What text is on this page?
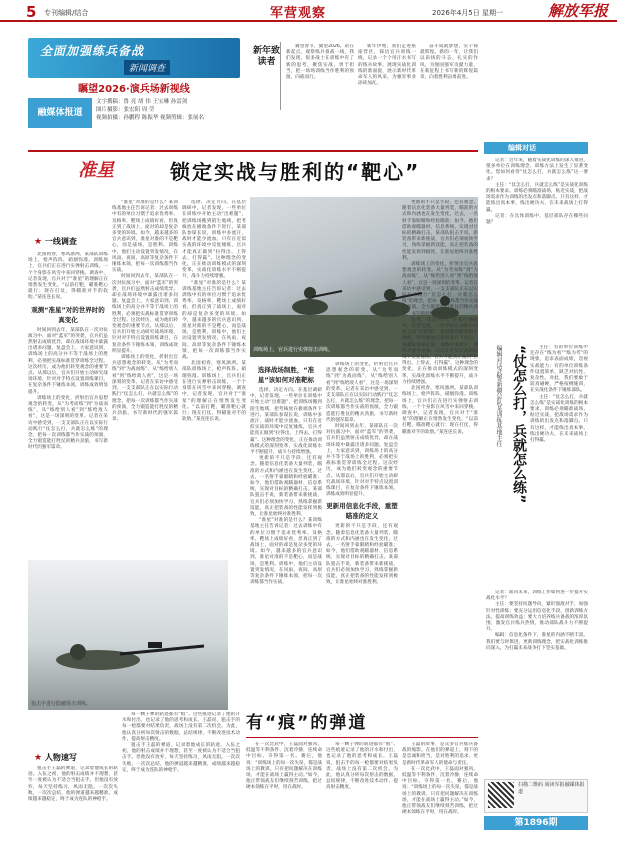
5 专刊编辑/结合	军营观察	2026年4月5日 星期一	解放军报
全面加强练兵备战
新闻调查
瞩望2026·演兵场新视线
融媒体报道
文字撰稿：鲁 亮 胡 伟 王宝琳 孙雷剑
图片摄影：张宏阳 周 莹
视频拍摄：孙鹏程 陈振华 视频剪辑：张展名
新年致读者
冀望春节，冀望2026。站在新起点，观察练兵备战一线，我们发现，很多战士在训练中有了新的思考，聚焦实战，勇于担当，把一场场训练当作胜利的预演，向战而行。
新年伊始，我们走进座座营区，探访官兵训练一线，记录一个个用汗水书写的练兵故事。展现实战化训练的新面貌，展示新时代革命军人的风采，为强军事业添砖加瓦。
奋斗成就梦想，实干铸就辉煌。新的一年，让我们以昂扬的斗志、扎实的作风，为强国强军贡献力量，在新征程上书写新的辉煌篇章，向着胜利奋勇前进。
准星	锁定实战与胜利的“靶心”
★ 一线调查
北国初春，寒风凛冽。某部队训练场上，枪声阵阵，硝烟弥漫。训练场上，官兵们正在进行实弹射击训练，一个个身影在风雪中来回穿梭。调查中，记者发现，官兵对于“准星”的理解正在悄然发生变化。“以前打靶，瞄准靶心就行；现在打仗，得瞄准对手的软肋。”某连连长说。
观测“准星”对的世界时的真变化
时间回到去年，某部队在一次对抗演习中，面对“蓝军”的突袭，官兵们虽然射击成绩优异，却在战场环境中暴露出诸多问题。复盘会上，大家意识到，训练场上的高分并不等于战场上的胜利，必须把实战标准贯穿训练全过程。这次经历，成为他们转变观念的重要节点。从那以后，官兵们开始主动研究战场环境，针对对手特点设置训练课目，在复杂条件下锤炼本领，训练成效明显提升。
训练场上的变化，折射出官兵思想观念的转变。从“为考而练”到“为战而练”，从“练给别人看”到“练给敌人看”，这是一场深刻的变革。记者在采访中感受到，一支支部队正在以实际行动践行“仗怎么打，兵就怎么练”的理念，把每一次训练都当作实战的预演，全力锻造能打胜仗的精兵劲旅，书写新时代的强军篇章。
“准星”对准的是什么？某训练基地主任告诉记者：过去训练中有的单位习惯于追求优秀率、及格率，靶场上成绩好看，但真正到了战场上，面对的却是复杂多变的环境。如今，越来越多的官兵意识到，准星对准的不是靶心，而是战场，是胜利。训练中，他们主动设置突发情况，在风雨、夜间、高原等复杂条件下锤炼本领，把每一次训练都当作实战。
时间回到去年，某部队在一次对抗演习中，面对“蓝军”的突袭，官兵们虽然射击成绩优异，却在战场环境中暴露出诸多问题。复盘会上，大家意识到，训练场上的高分并不等于战场上的胜利，必须把实战标准贯穿训练全过程。这次经历，成为他们转变观念的重要节点。从那以后，官兵们开始主动研究战场环境，针对对手特点设置训练课目，在复杂条件下锤炼本领，训练成效明显提升。
训练场上的变化，折射出官兵思想观念的转变。从“为考而练”到“为战而练”，从“练给别人看”到“练给敌人看”，这是一场深刻的变革。记者在采访中感受到，一支支部队正在以实际行动践行“仗怎么打，兵就怎么练”的理念，把每一次训练都当作实战的预演，全力锻造能打胜仗的精兵劲旅，书写新时代的强军篇章。
选择，决定方向。在基层调研中，记者发现，一些单位在训练中开始主动“出难题”，把训练场搬到陌生地域，把考核放在极端条件下进行。某部队参谋长说，训练中多流汗，战时才能少流血。只有在近似实战的环境中反复锤炼，官兵才能真正做到“拉得出、上得去、打得赢”。这种理念的变化，正在推动训练模式的深刻变革，实战化训练水平不断提升，战斗力持续增强。
“准星”对准的是什么？某训练基地主任告诉记者：过去训练中有的单位习惯于追求优秀率、及格率，靶场上成绩好看，但真正到了战场上，面对的却是复杂多变的环境。如今，越来越多的官兵意识到，准星对准的不是靶心，而是战场，是胜利。训练中，他们主动设置突发情况，在风雨、夜间、高原等复杂条件下锤炼本领，把每一次训练都当作实战。
北国初春，寒风凛冽。某部队训练场上，枪声阵阵，硝烟弥漫。训练场上，官兵们正在进行实弹射击训练，一个个身影在风雪中来回穿梭。调查中，记者发现，官兵对于“准星”的理解正在悄然发生变化。“以前打靶，瞄准靶心就行；现在打仗，得瞄准对手的软肋。”某连连长说。
训练场上，官兵进行实弹射击训练。
选择战场制胜，“准星”该如何对准靶标
选择，决定方向。在基层调研中，记者发现，一些单位在训练中开始主动“出难题”，把训练场搬到陌生地域，把考核放在极端条件下进行。某部队参谋长说，训练中多流汗，战时才能少流血。只有在近似实战的环境中反复锤炼，官兵才能真正做到“拉得出、上得去、打得赢”。这种理念的变化，正在推动训练模式的深刻变革，实战化训练水平不断提升，战斗力持续增强。
更新的不只是手段，还有观念。随着信息化装备大量列装，瞄准的方式和内涵也在发生变化。过去，一名射手靠眼睛和经验瞄准；如今，他们借助观瞄器材、信息系统，实现对目标的精确打击。某部队狙击手说，新装备带来新挑战，官兵们必须加快学习，熟练掌握新技能，真正把装备的性能发挥到极致，让准星始终对准胜利。
“准星”对准的是什么？某训练基地主任告诉记者：过去训练中有的单位习惯于追求优秀率、及格率，靶场上成绩好看，但真正到了战场上，面对的却是复杂多变的环境。如今，越来越多的官兵意识到，准星对准的不是靶心，而是战场，是胜利。训练中，他们主动设置突发情况，在风雨、夜间、高原等复杂条件下锤炼本领，把每一次训练都当作实战。
训练场上的变化，折射出官兵思想观念的转变。从“为考而练”到“为战而练”，从“练给别人看”到“练给敌人看”，这是一场深刻的变革。记者在采访中感受到，一支支部队正在以实际行动践行“仗怎么打，兵就怎么练”的理念，把每一次训练都当作实战的预演，全力锻造能打胜仗的精兵劲旅，书写新时代的强军篇章。
时间回到去年，某部队在一次对抗演习中，面对“蓝军”的突袭，官兵们虽然射击成绩优异，却在战场环境中暴露出诸多问题。复盘会上，大家意识到，训练场上的高分并不等于战场上的胜利，必须把实战标准贯穿训练全过程。这次经历，成为他们转变观念的重要节点。从那以后，官兵们开始主动研究战场环境，针对对手特点设置训练课目，在复杂条件下锤炼本领，训练成效明显提升。
更新用信息化手段，重塑瞄准的定义
更新的不只是手段，还有观念。随着信息化装备大量列装，瞄准的方式和内涵也在发生变化。过去，一名射手靠眼睛和经验瞄准；如今，他们借助观瞄器材、信息系统，实现对目标的精确打击。某部队狙击手说，新装备带来新挑战，官兵们必须加快学习，熟练掌握新技能，真正把装备的性能发挥到极致，让准星始终对准胜利。
更新的不只是手段，还有观念。随着信息化装备大量列装，瞄准的方式和内涵也在发生变化。过去，一名射手靠眼睛和经验瞄准；如今，他们借助观瞄器材、信息系统，实现对目标的精确打击。某部队狙击手说，新装备带来新挑战，官兵们必须加快学习，熟练掌握新技能，真正把装备的性能发挥到极致，让准星始终对准胜利。
训练场上的变化，折射出官兵思想观念的转变。从“为考而练”到“为战而练”，从“练给别人看”到“练给敌人看”，这是一场深刻的变革。记者在采访中感受到，一支支部队正在以实际行动践行“仗怎么打，兵就怎么练”的理念，把每一次训练都当作实战的预演，全力锻造能打胜仗的精兵劲旅，书写新时代的强军篇章。
选择，决定方向。在基层调研中，记者发现，一些单位在训练中开始主动“出难题”，把训练场搬到陌生地域，把考核放在极端条件下进行。某部队参谋长说，训练中多流汗，战时才能少流血。只有在近似实战的环境中反复锤炼，官兵才能真正做到“拉得出、上得去、打得赢”。这种理念的变化，正在推动训练模式的深刻变革，实战化训练水平不断提升，战斗力持续增强。
北国初春，寒风凛冽。某部队训练场上，枪声阵阵，硝烟弥漫。训练场上，官兵们正在进行实弹射击训练，一个个身影在风雪中来回穿梭。调查中，记者发现，官兵对于“准星”的理解正在悄然发生变化。“以前打靶，瞄准靶心就行；现在打仗，得瞄准对手的软肋。”某连连长说。
狙击手进行隐蔽射击训练。
有“痕”的弹道
★ 人物速写
狙击手王磊的弹道，记录着他成长的轨迹。入伍之初，他的射击成绩并不理想，甚至一度被认为不适合当狙击手。但他没有放弃，每天坚持练习，风雨无阻。一次次失败，一次次总结，他的弹道越来越精准，成绩越来越稳定，终于成为连队的神枪手。
每一颗子弹的轨迹都有“痕”。这些痕迹记录了他的汗水和付出，也记录了他的思考和成长。王磊说，狙击手的每一枪都要对结果负责，战场上没有第二次机会。为此，他认真分析每次射击的数据，总结规律，不断改进技术动作，提高射击精度。
狙击手王磊的弹道，记录着他成长的轨迹。入伍之初，他的射击成绩并不理想，甚至一度被认为不适合当狙击手。但他没有放弃，每天坚持练习，风雨无阻。一次次失败，一次次总结，他的弹道越来越精准，成绩越来越稳定，终于成为连队的神枪手。
在一次比武中，王磊面对强风、低温等不利条件，沉着冷静，连续命中目标，夺得第一名。赛后，他说：“训练场上的每一次失误，都是战场上的教训。只有把问题解决在训练场，才能在战场上赢得主动。”如今，他正带领战友们继续刻苦训练，把过硬本领练在平时，用在战时。
每一颗子弹的轨迹都有“痕”。这些痕迹记录了他的汗水和付出，也记录了他的思考和成长。王磊说，狙击手的每一枪都要对结果负责，战场上没有第二次机会。为此，他认真分析每次射击的数据，总结规律，不断改进技术动作，提高射击精度。
王磊的故事，是众多官兵练兵备战的缩影。在他们的弹道上，刻下的是忠诚和担当，是对胜利的追求，更是新时代革命军人的使命与责任。
在一次比武中，王磊面对强风、低温等不利条件，沉着冷静，连续命中目标，夺得第一名。赛后，他说：“训练场上的每一次失误，都是战场上的教训。只有把问题解决在训练场，才能在战场上赢得主动。”如今，他正带领战友们继续刻苦训练，把过硬本领练在平时，用在战时。
编辑对话
记者：近年来，随着实战化训练的深入推进，很多单位在训练理念、训练方法上发生了显著变化。您如何看待“仗怎么打，兵就怎么练”这一要求？
主任：“仗怎么打，兵就怎么练”是实战化训练的根本要求。训练必须瞄准战场，贴近实战，把战场需求作为训练的出发点和落脚点。只有这样，才能练出真本事，练出硬功夫，在未来战场上打得赢。
记者：在具体训练中，基层部队存在哪些问题？
“仗怎么打，兵就怎么练”
编辑对话武警新疆总队某训练基地主任	主任：有的单位训练中还存在“练为看”“练为考”的现象，追求表面成绩，忽视实战能力；有的单位训练条件设置简单，缺乏对抗性、复杂性。对此，我们要敢于较真碰硬，严格按纲施训，在实战化条件下锤炼部队。
主任：“仗怎么打，兵就怎么练”是实战化训练的根本要求。训练必须瞄准战场，贴近实战，把战场需求作为训练的出发点和落脚点。只有这样，才能练出真本事，练出硬功夫，在未来战场上打得赢。
记者：面向未来，训练工作如何进一步提升实战化水平？
主任：要坚持问题导向，紧盯强敌对手，加强针对性训练；要充分运用信息化手段，创新训练方法，提高训练效益；要大力培养练兵备战的浓厚氛围，激发官兵练兵热情，推动部队战斗力不断提升。
编辑：信息化条件下，准星的内涵不断丰富。我们要与时俱进，更新训练理念，把实战化训练推向深入，为打赢未来战争打下坚实基础。
扫描二维码 阅读军报融媒体报道
第1896期
